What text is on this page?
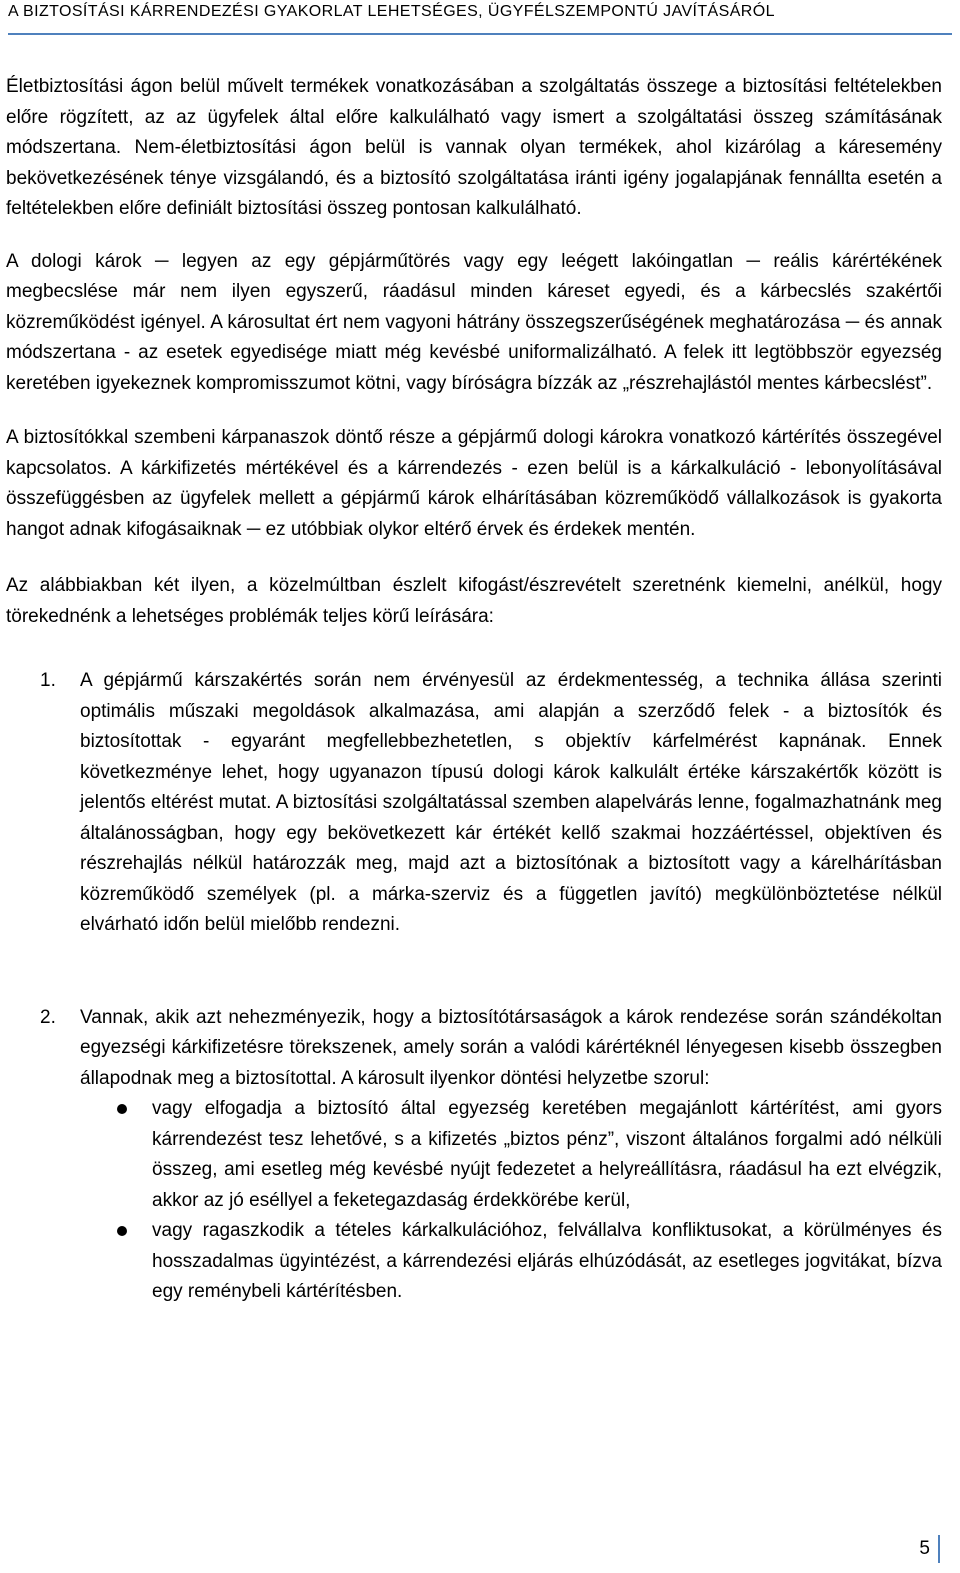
A BIZTOSÍTÁSI KÁRRENDEZÉSI GYAKORLAT LEHETSÉGES, ÜGYFÉLSZEMPONTÚ JAVÍTÁSÁRÓL

Életbiztosítási ágon belül művelt termékek vonatkozásában a szolgáltatás összege a biztosítási feltételekben előre rögzített, az az ügyfelek által előre kalkulálható vagy ismert a szolgáltatási összeg számításának módszertana. Nem-életbiztosítási ágon belül is vannak olyan termékek, ahol kizárólag a káresemény bekövetkezésének ténye vizsgálandó, és a biztosító szolgáltatása iránti igény jogalapjának fennállta esetén a feltételekben előre definiált biztosítási összeg pontosan kalkulálható.

A dologi károk ─ legyen az egy gépjárműtörés vagy egy leégett lakóingatlan ─ reális kárértékének megbecslése már nem ilyen egyszerű, ráadásul minden káreset egyedi, és a kárbecslés szakértői közreműködést igényel. A károsultat ért nem vagyoni hátrány összegszerűségének meghatározása ─ és annak módszertana - az esetek egyedisége miatt még kevésbé uniformalizálható. A felek itt legtöbbször egyezség keretében igyekeznek kompromisszumot kötni, vagy bíróságra bízzák az „részrehajlástól mentes kárbecslést”.

A biztosítókkal szembeni kárpanaszok döntő része a gépjármű dologi károkra vonatkozó kártérítés összegével kapcsolatos. A kárkifizetés mértékével és a kárrendezés - ezen belül is a kárkalkuláció - lebonyolításával összefüggésben az ügyfelek mellett a gépjármű károk elhárításában közreműködő vállalkozások is gyakorta hangot adnak kifogásaiknak ─ ez utóbbiak olykor eltérő érvek és érdekek mentén.

Az alábbiakban két ilyen, a közelmúltban észlelt kifogást/észrevételt szeretnénk kiemelni, anélkül, hogy törekednénk a lehetséges problémák teljes körű leírására:

1. A gépjármű kárszakértés során nem érvényesül az érdekmentesség, a technika állása szerinti optimális műszaki megoldások alkalmazása, ami alapján a szerződő felek - a biztosítók és biztosítottak - egyaránt megfellebbezhetetlen, s objektív kárfelmérést kapnának. Ennek következménye lehet, hogy ugyanazon típusú dologi károk kalkulált értéke kárszakértők között is jelentős eltérést mutat. A biztosítási szolgáltatással szemben alapelvárás lenne, fogalmazhatnánk meg általánosságban, hogy egy bekövetkezett kár értékét kellő szakmai hozzáértéssel, objektíven és részrehajlás nélkül határozzák meg, majd azt a biztosítónak a biztosított vagy a kárelhárításban közreműködő személyek (pl. a márka-szerviz és a független javító) megkülönböztetése nélkül elvárható időn belül mielőbb rendezni.
2. Vannak, akik azt nehezményezik, hogy a biztosítótársaságok a károk rendezése során szándékoltan egyezségi kárkifizetésre törekszenek, amely során a valódi kárértéknél lényegesen kisebb összegben állapodnak meg a biztosítottal. A károsult ilyenkor döntési helyzetbe szorul:
vagy elfogadja a biztosító által egyezség keretében megajánlott kártérítést, ami gyors kárrendezést tesz lehetővé, s a kifizetés „biztos pénz”, viszont általános forgalmi adó nélküli összeg, ami esetleg még kevésbé nyújt fedezetet a helyreállításra, ráadásul ha ezt elvégzik, akkor az jó eséllyel a feketegazdaság érdekkörébe kerül,
vagy ragaszkodik a tételes kárkalkulációhoz, felvállalva konfliktusokat, a körülményes és hosszadalmas ügyintézést, a kárrendezési eljárás elhúzódását, az esetleges jogvitákat, bízva egy reménybeli kártérítésben.
5
